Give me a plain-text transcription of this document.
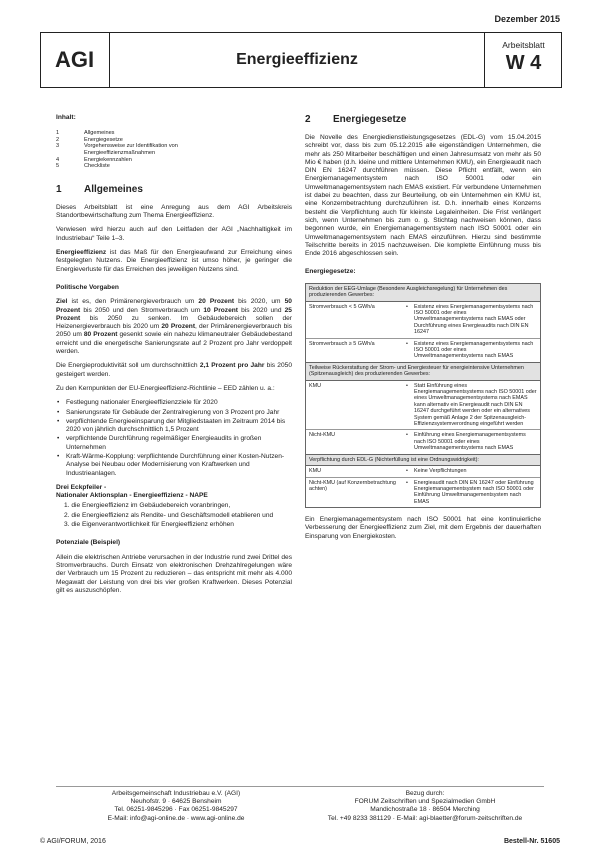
Dezember 2015
AGI	Energieeffizienz
Arbeitsblatt
W 4
Inhalt:
1	Allgemeines
2	Energiegesetze
3	Vorgehensweise zur Identifikation von
Energieeffizienzmaßnahmen
4	Energiekennzahlen
5	Checkliste
1	Allgemeines
Dieses Arbeitsblatt ist eine Anregung aus dem AGI Arbeitskreis Standortbewirtschaftung zum Thema Energieeffizienz.
Verwiesen wird hierzu auch auf den Leitfaden der AGI „Nachhaltigkeit im Industriebau“ Teile 1–3.
Energieeffizienz ist das Maß für den Energieaufwand zur Erreichung eines festgelegten Nutzens. Die Energieeffizienz ist umso höher, je geringer die Energieverluste für das Erreichen des jeweiligen Nutzens sind.
Politische Vorgaben
Ziel ist es, den Primärenergieverbrauch um 20 Prozent bis 2020, um 50 Prozent bis 2050 und den Stromverbrauch um 10 Prozent bis 2020 und 25 Prozent bis 2050 zu senken. Im Gebäudebereich sollen der Heizenergieverbrauch bis 2020 um 20 Prozent, der Primärenergieverbrauch bis 2050 um 80 Prozent gesenkt sowie ein nahezu klimaneutraler Gebäudebestand erreicht und die energetische Sanierungsrate auf 2 Prozent pro Jahr verdoppelt werden.
Die Energieproduktivität soll um durchschnittlich 2,1 Prozent pro Jahr bis 2050 gesteigert werden.
Zu den Kernpunkten der EU-Energieeffizienz-Richtlinie – EED zählen u. a.:
• Festlegung nationaler Energieeffizienzziele für 2020
• Sanierungsrate für Gebäude der Zentralregierung von 3 Prozent pro Jahr
• verpflichtende Energieeinsparung der Mitgliedstaaten im Zeitraum 2014 bis 2020 von jährlich durchschnittlich 1,5 Prozent
• verpflichtende Durchführung regelmäßiger Energieaudits in großen Unternehmen
• Kraft-Wärme-Kopplung: verpflichtende Durchführung einer Kosten-Nutzen-Analyse bei Neubau oder Modernisierung von Kraftwerken und Industrieanlagen.
Drei Eckpfeiler -
Nationaler Aktionsplan - Energieeffizienz - NAPE
1. die Energieeffizienz im Gebäudebereich voranbringen,
2. die Energieeffizienz als Rendite- und Geschäftsmodell etablieren und
3. die Eigenverantwortlichkeit für Energieeffizienz erhöhen
Potenziale (Beispiel)
Allein die elektrischen Antriebe verursachen in der Industrie rund zwei Drittel des Stromverbrauchs. Durch Einsatz von elektronischen Drehzahlregelungen wäre der Verbrauch um 15 Prozent zu reduzieren – das entspricht mit mehr als 4.000 Megawatt der Leistung von drei bis vier großen Kraftwerken. Dieses Potenzial gilt es auszuschöpfen.
2	Energiegesetze
Die Novelle des Energiedienstleistungsgesetzes (EDL-G) vom 15.04.2015 schreibt vor, dass bis zum 05.12.2015 alle eigenständigen Unternehmen, die mehr als 250 Mitarbeiter beschäftigen und einen Jahresumsatz von mehr als 50 Mio € haben (d.h. kleine und mittlere Unternehmen KMU), ein Energieaudit nach DIN EN 16247 durchführen müssen. Diese Pflicht entfällt, wenn ein Energiemanagementsystem nach ISO 50001 oder ein Umweltmanagementsystem nach EMAS existiert. Für verbundene Unternehmen ist dabei zu beachten, dass zur Beurteilung, ob ein Unternehmen ein KMU ist, eine Konzernbetrachtung durchzuführen ist. D.h. innerhalb eines Konzerns besteht die Verpflichtung auch für kleinste Legaleinheiten. Die Frist verlängert sich, wenn Unternehmen bis zum o. g. Stichtag nachweisen können, dass begonnen wurde, ein Energiemanagementsystem nach ISO 50001 oder ein Umweltmanagementsystem nach EMAS einzuführen. Hierzu sind bestimmte Teilschritte bereits in 2015 nachzuweisen. Die komplette Einführung muss bis Ende 2016 abgeschlossen sein.
Energiegesetze:
Reduktion der EEG-Umlage (Besondere Ausgleichsregelung) für Unternehmen des produzierenden Gewerbes:
Stromverbrauch < 5 GWh/a	• Existenz eines Energiemanagementsystems nach ISO 50001 oder eines Umweltmanagementsystems nach EMAS oder Durchführung eines Energieaudits nach DIN EN 16247
Stromverbrauch ≥ 5 GWh/a	• Existenz eines Energiemanagementsystems nach ISO 50001 oder eines Umweltmanagementsystems nach EMAS
Teilweise Rückerstattung der Strom- und Energiesteuer für energieintensive Unternehmen (Spitzenausgleich) des produzierenden Gewerbes:
KMU	• Statt Einführung eines Energiemanagementsystems nach ISO 50001 oder eines Umweltmanagementsystems nach EMAS kann alternativ ein Energieaudit nach DIN EN 16247 durchgeführt werden oder ein alternatives System gemäß Anlage 2 der Spitzenausgleich-Effizienzsystemverordnung eingeführt werden
Nicht-KMU	• Einführung eines Energiemanagementsystems nach ISO 50001 oder eines Umweltmanagementsystems nach EMAS
Verpflichtung durch EDL-G (Nichterfüllung ist eine Ordnungswidrigkeit):
KMU	• Keine Verpflichtungen
Nicht-KMU (auf Konzernbetrachtung achten)
• Energieaudit nach DIN EN 16247 oder Einführung Energiemanagementsystem nach ISO 50001 oder Einführung Umweltmanagementsystem nach EMAS
Ein Energiemanagementsystem nach ISO 50001 hat eine kontinuierliche Verbesserung der Energieeffizienz zum Ziel, mit dem Ergebnis der dauerhaften Einsparung von Energiekosten.
Arbeitsgemeinschaft Industriebau e.V. (AGI)
Neuhofstr. 9 · 64625 Bensheim
Tel. 06251-9845296 · Fax 06251-9845297
E-Mail: info@agi-online.de · www.agi-online.de
Bezug durch:
FORUM Zeitschriften und Spezialmedien GmbH
Mandichostraße 18 · 86504 Merching
Tel. +49 8233 381129 · E-Mail: agi-blaetter@forum-zeitschriften.de
© AGI/FORUM, 2016	Bestell-Nr. 51605
